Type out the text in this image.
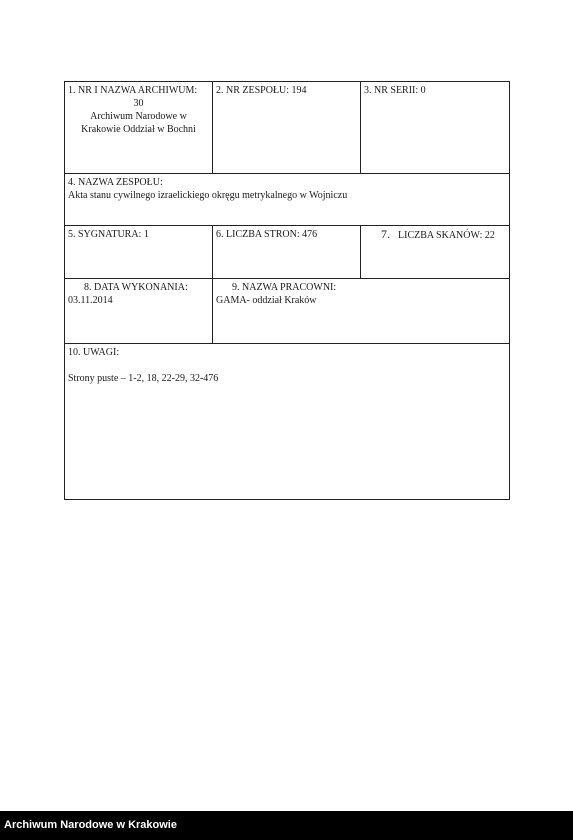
1. NR I NAZWA ARCHIWUM:
30
Archiwum Narodowe w
Krakowie Oddział w Bochni
2. NR ZESPOŁU: 194	3. NR SERII: 0
4. NAZWA ZESPOŁU:
Akta stanu cywilnego izraelickiego okręgu metrykalnego w Wojniczu
5. SYGNATURA: 1	6. LICZBA STRON: 476	7. LICZBA SKANÓW: 22
8. DATA WYKONANIA:
03.11.2014
9. NAZWA PRACOWNI:
GAMA- oddział Kraków
10. UWAGI:
Strony puste – 1-2, 18, 22-29, 32-476
Archiwum Narodowe w Krakowie
